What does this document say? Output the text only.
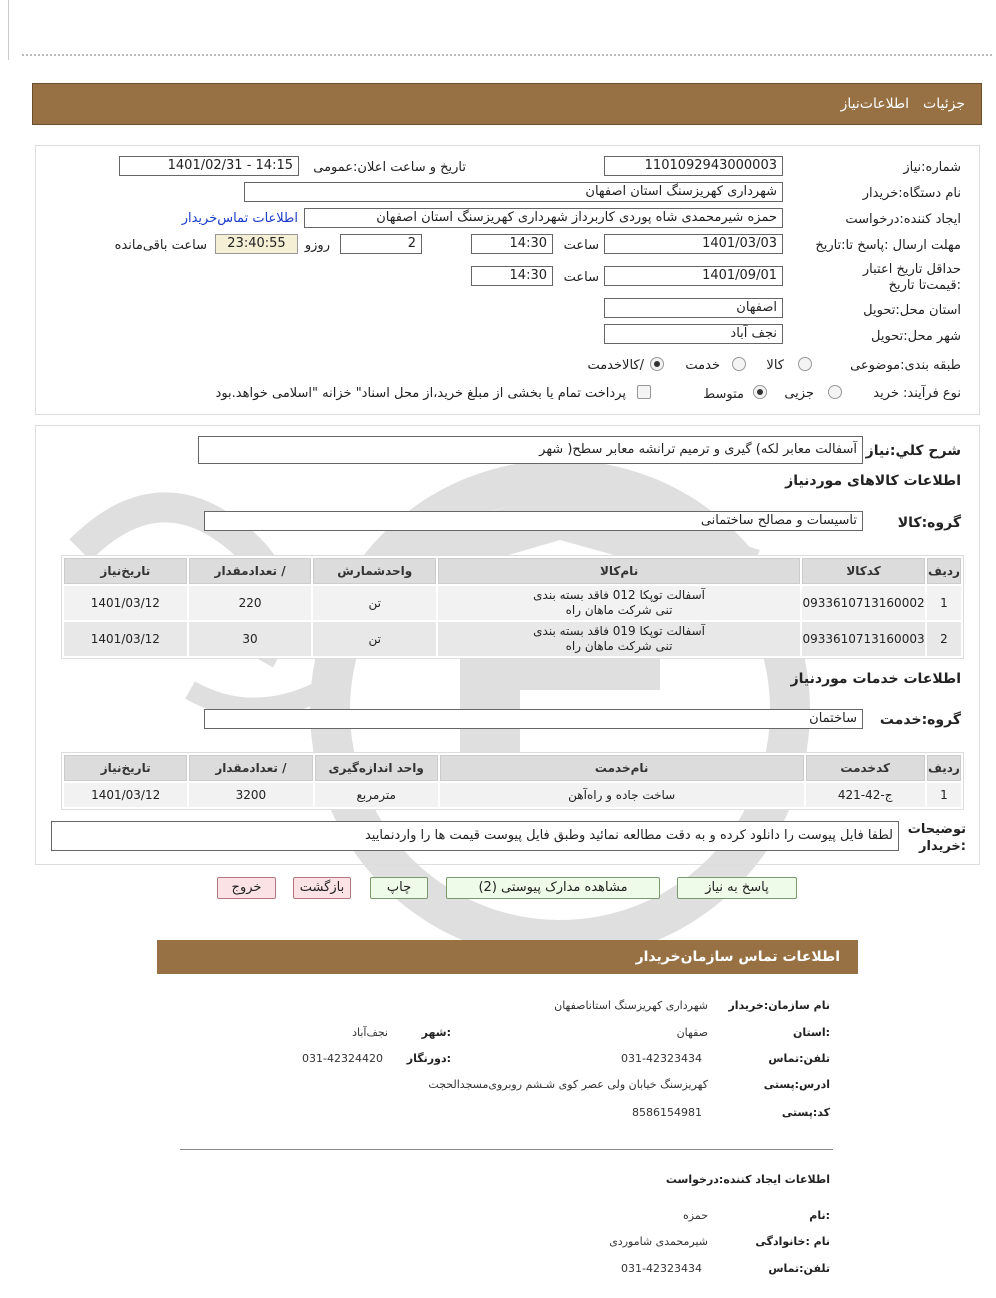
جزئیات
اطلاعات‌نیاز
شماره:نیاز
1101092943000003
تاریخ و ساعت اعلان:عمومی
1401/02/31 - 14:15
نام دستگاه:خریدار
شهرداری کهریزسنگ استان اصفهان
ایجاد کننده:درخواست
حمزه شیرمحمدی شاه پوردی کاربرداز شهرداری کهریزسنگ استان اصفهان
اطلاعات تماس‌خریدار
مهلت ارسال :پاسخ تا:تاریخ
1401/03/03
ساعت
14:30
2
روزو
23:40:55
ساعت باقی‌مانده
حداقل تاریخ اعتبار :قیمت‌تا تاریخ
1401/09/01
ساعت
14:30
استان محل:تحویل
اصفهان
شهر محل:تحویل
نجف آباد
طبقه بندی:موضوعی
کالا
خدمت
/کالاخدمت
نوع فرآیند: خرید
جزیی
متوسط
پرداخت تمام یا بخشی از مبلغ خرید،از محل اسناد" خزانه "اسلامی خواهد.بود
شرح کلي:نیاز
آسفالت معابر لکه) گیری و ترمیم ترانشه معابر سطح( شهر
اطلاعات کالاهای موردنیاز
گروه:کالا
تاسیسات و مصالح ساختمانی
ردیف	کدکالا	نام‌کالا	واحدشمارش	/ تعدادمقدار	تاریخ‌نیاز
1	0933610713160002	آسفالت توپکا 012 فاقد بسته بندی
تنی شرکت ماهان راه	تن	220	1401/03/12
2	0933610713160003	آسفالت توپکا 019 فاقد بسته بندی
تنی شرکت ماهان راه	تن	30	1401/03/12
اطلاعات خدمات موردنیاز
گروه:خدمت
ساختمان
ردیف	کدخدمت	نام‌خدمت	واحد اندازه‌گیری	/ تعدادمقدار	تاریخ‌نیاز
1	ج-42-421	ساخت جاده و راه‌آهن	مترمربع	3200	1401/03/12
توضیحات
:خریدار
لطفا فایل پیوست را دانلود کرده و به دقت مطالعه نمائید وطبق فایل پیوست قیمت ها را واردنمایید
پاسخ به نیاز
مشاهده مدارک پیوستی (2)
چاپ
بازگشت
خروج
اطلاعات تماس سازمان‌خریدار
نام سازمان:خریدار
شهرداری کهریزسنگ استاناصفهان
:استان
صفهان
:شهر
نجف‌آباد
تلفن:تماس
031-42323434
:دورنگار
031-42324420
ادرس:پستی
کهریزسنگ خیابان ولی عصر کوی شـشم روبروی‌مسجدالحجت
کد:پستی
8586154981
اطلاعات ایجاد کننده:درخواست
:نام
حمزه
نام :خانوادگی
شیرمحمدی شاموردی
تلفن:تماس
031-42323434
